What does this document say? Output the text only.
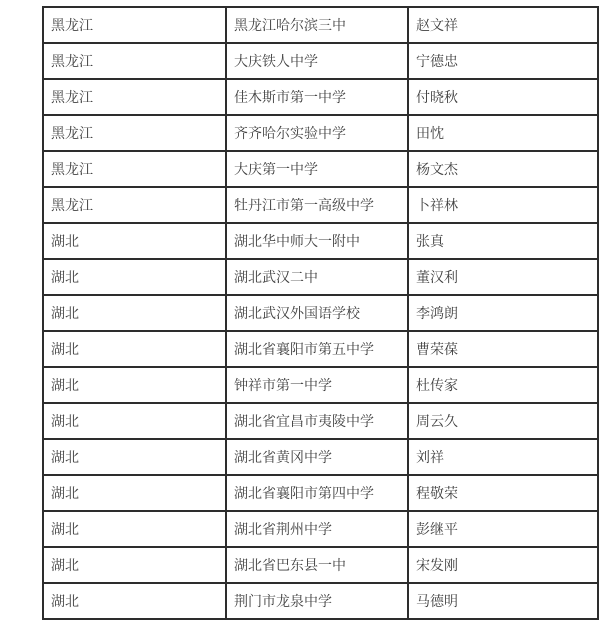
黑龙江	黑龙江哈尔滨三中	赵文祥
黑龙江	大庆铁人中学	宁德忠
黑龙江	佳木斯市第一中学	付晓秋
黑龙江	齐齐哈尔实验中学	田忱
黑龙江	大庆第一中学	杨文杰
黑龙江	牡丹江市第一高级中学	卜祥林
湖北	湖北华中师大一附中	张真
湖北	湖北武汉二中	董汉利
湖北	湖北武汉外国语学校	李鸿朗
湖北	湖北省襄阳市第五中学	曹荣葆
湖北	钟祥市第一中学	杜传家
湖北	湖北省宜昌市夷陵中学	周云久
湖北	湖北省黄冈中学	刘祥
湖北	湖北省襄阳市第四中学	程敬荣
湖北	湖北省荆州中学	彭继平
湖北	湖北省巴东县一中	宋发刚
湖北	荆门市龙泉中学	马德明
